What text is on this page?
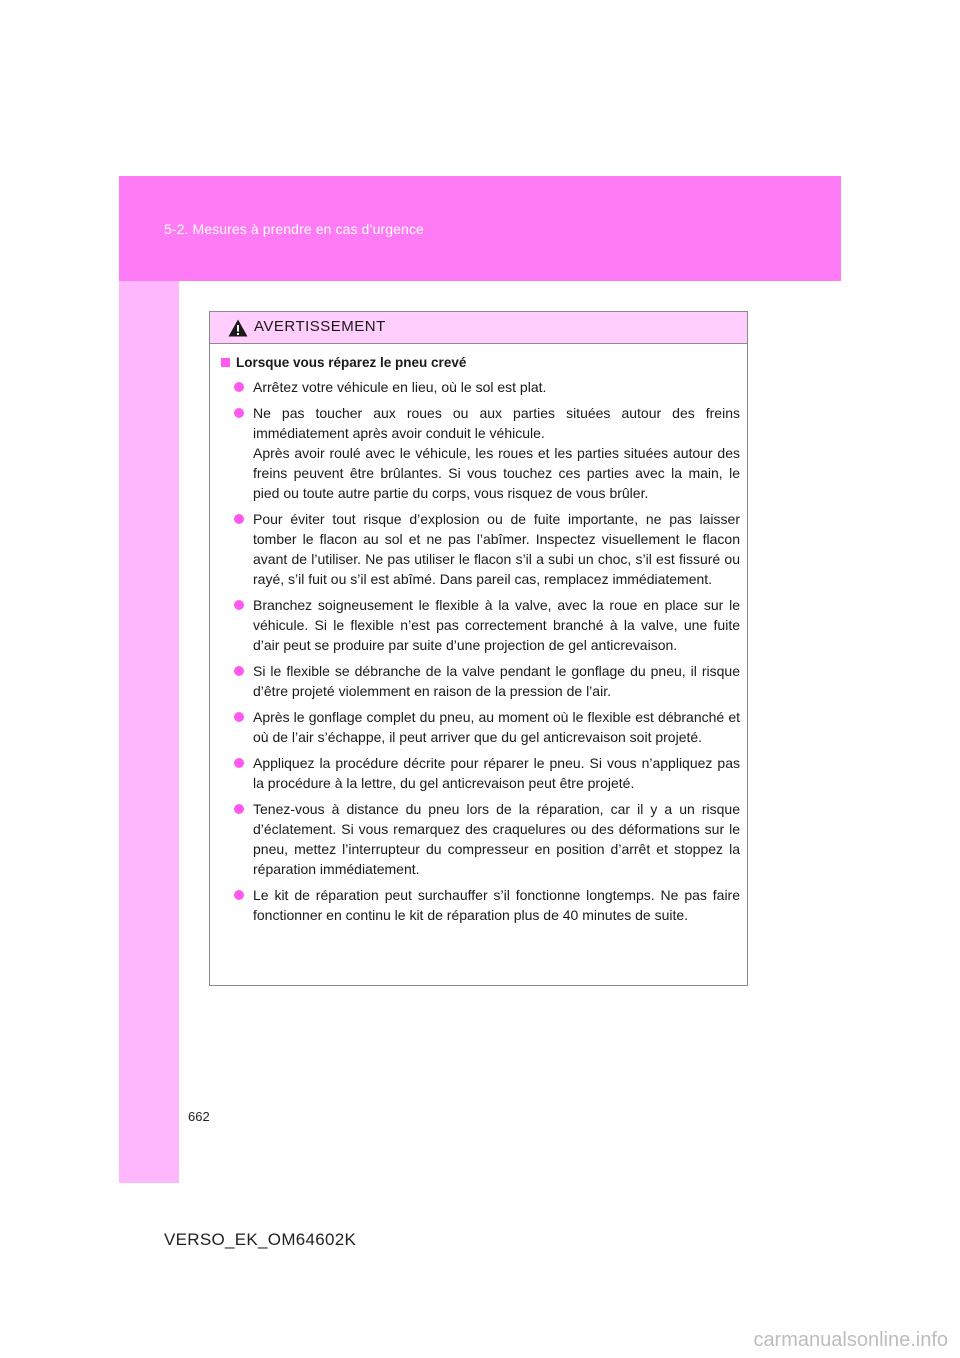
5-2. Mesures à prendre en cas d’urgence
AVERTISSEMENT
Lorsque vous réparez le pneu crevé

Arrêtez votre véhicule en lieu, où le sol est plat.

Ne pas toucher aux roues ou aux parties situées autour des freins immédiatement après avoir conduit le véhicule.

Après avoir roulé avec le véhicule, les roues et les parties situées autour des freins peuvent être brûlantes. Si vous touchez ces parties avec la main, le pied ou toute autre partie du corps, vous risquez de vous brûler.

Pour éviter tout risque d’explosion ou de fuite importante, ne pas laisser tomber le flacon au sol et ne pas l’abîmer. Inspectez visuellement le flacon avant de l’utiliser. Ne pas utiliser le flacon s’il a subi un choc, s’il est fissuré ou rayé, s’il fuit ou s’il est abîmé. Dans pareil cas, remplacez immédiatement.

Branchez soigneusement le flexible à la valve, avec la roue en place sur le véhicule. Si le flexible n’est pas correctement branché à la valve, une fuite d’air peut se produire par suite d’une projection de gel anticrevaison.

Si le flexible se débranche de la valve pendant le gonflage du pneu, il risque d’être projeté violemment en raison de la pression de l’air.

Après le gonflage complet du pneu, au moment où le flexible est débranché et où de l’air s’échappe, il peut arriver que du gel anticrevaison soit projeté.

Appliquez la procédure décrite pour réparer le pneu. Si vous n’appliquez pas la procédure à la lettre, du gel anticrevaison peut être projeté.

Tenez-vous à distance du pneu lors de la réparation, car il y a un risque d’éclatement. Si vous remarquez des craquelures ou des déformations sur le pneu, mettez l’interrupteur du compresseur en position d’arrêt et stoppez la réparation immédiatement.

Le kit de réparation peut surchauffer s’il fonctionne longtemps. Ne pas faire fonctionner en continu le kit de réparation plus de 40 minutes de suite.

662
VERSO_EK_OM64602K
carmanualsonline.info
